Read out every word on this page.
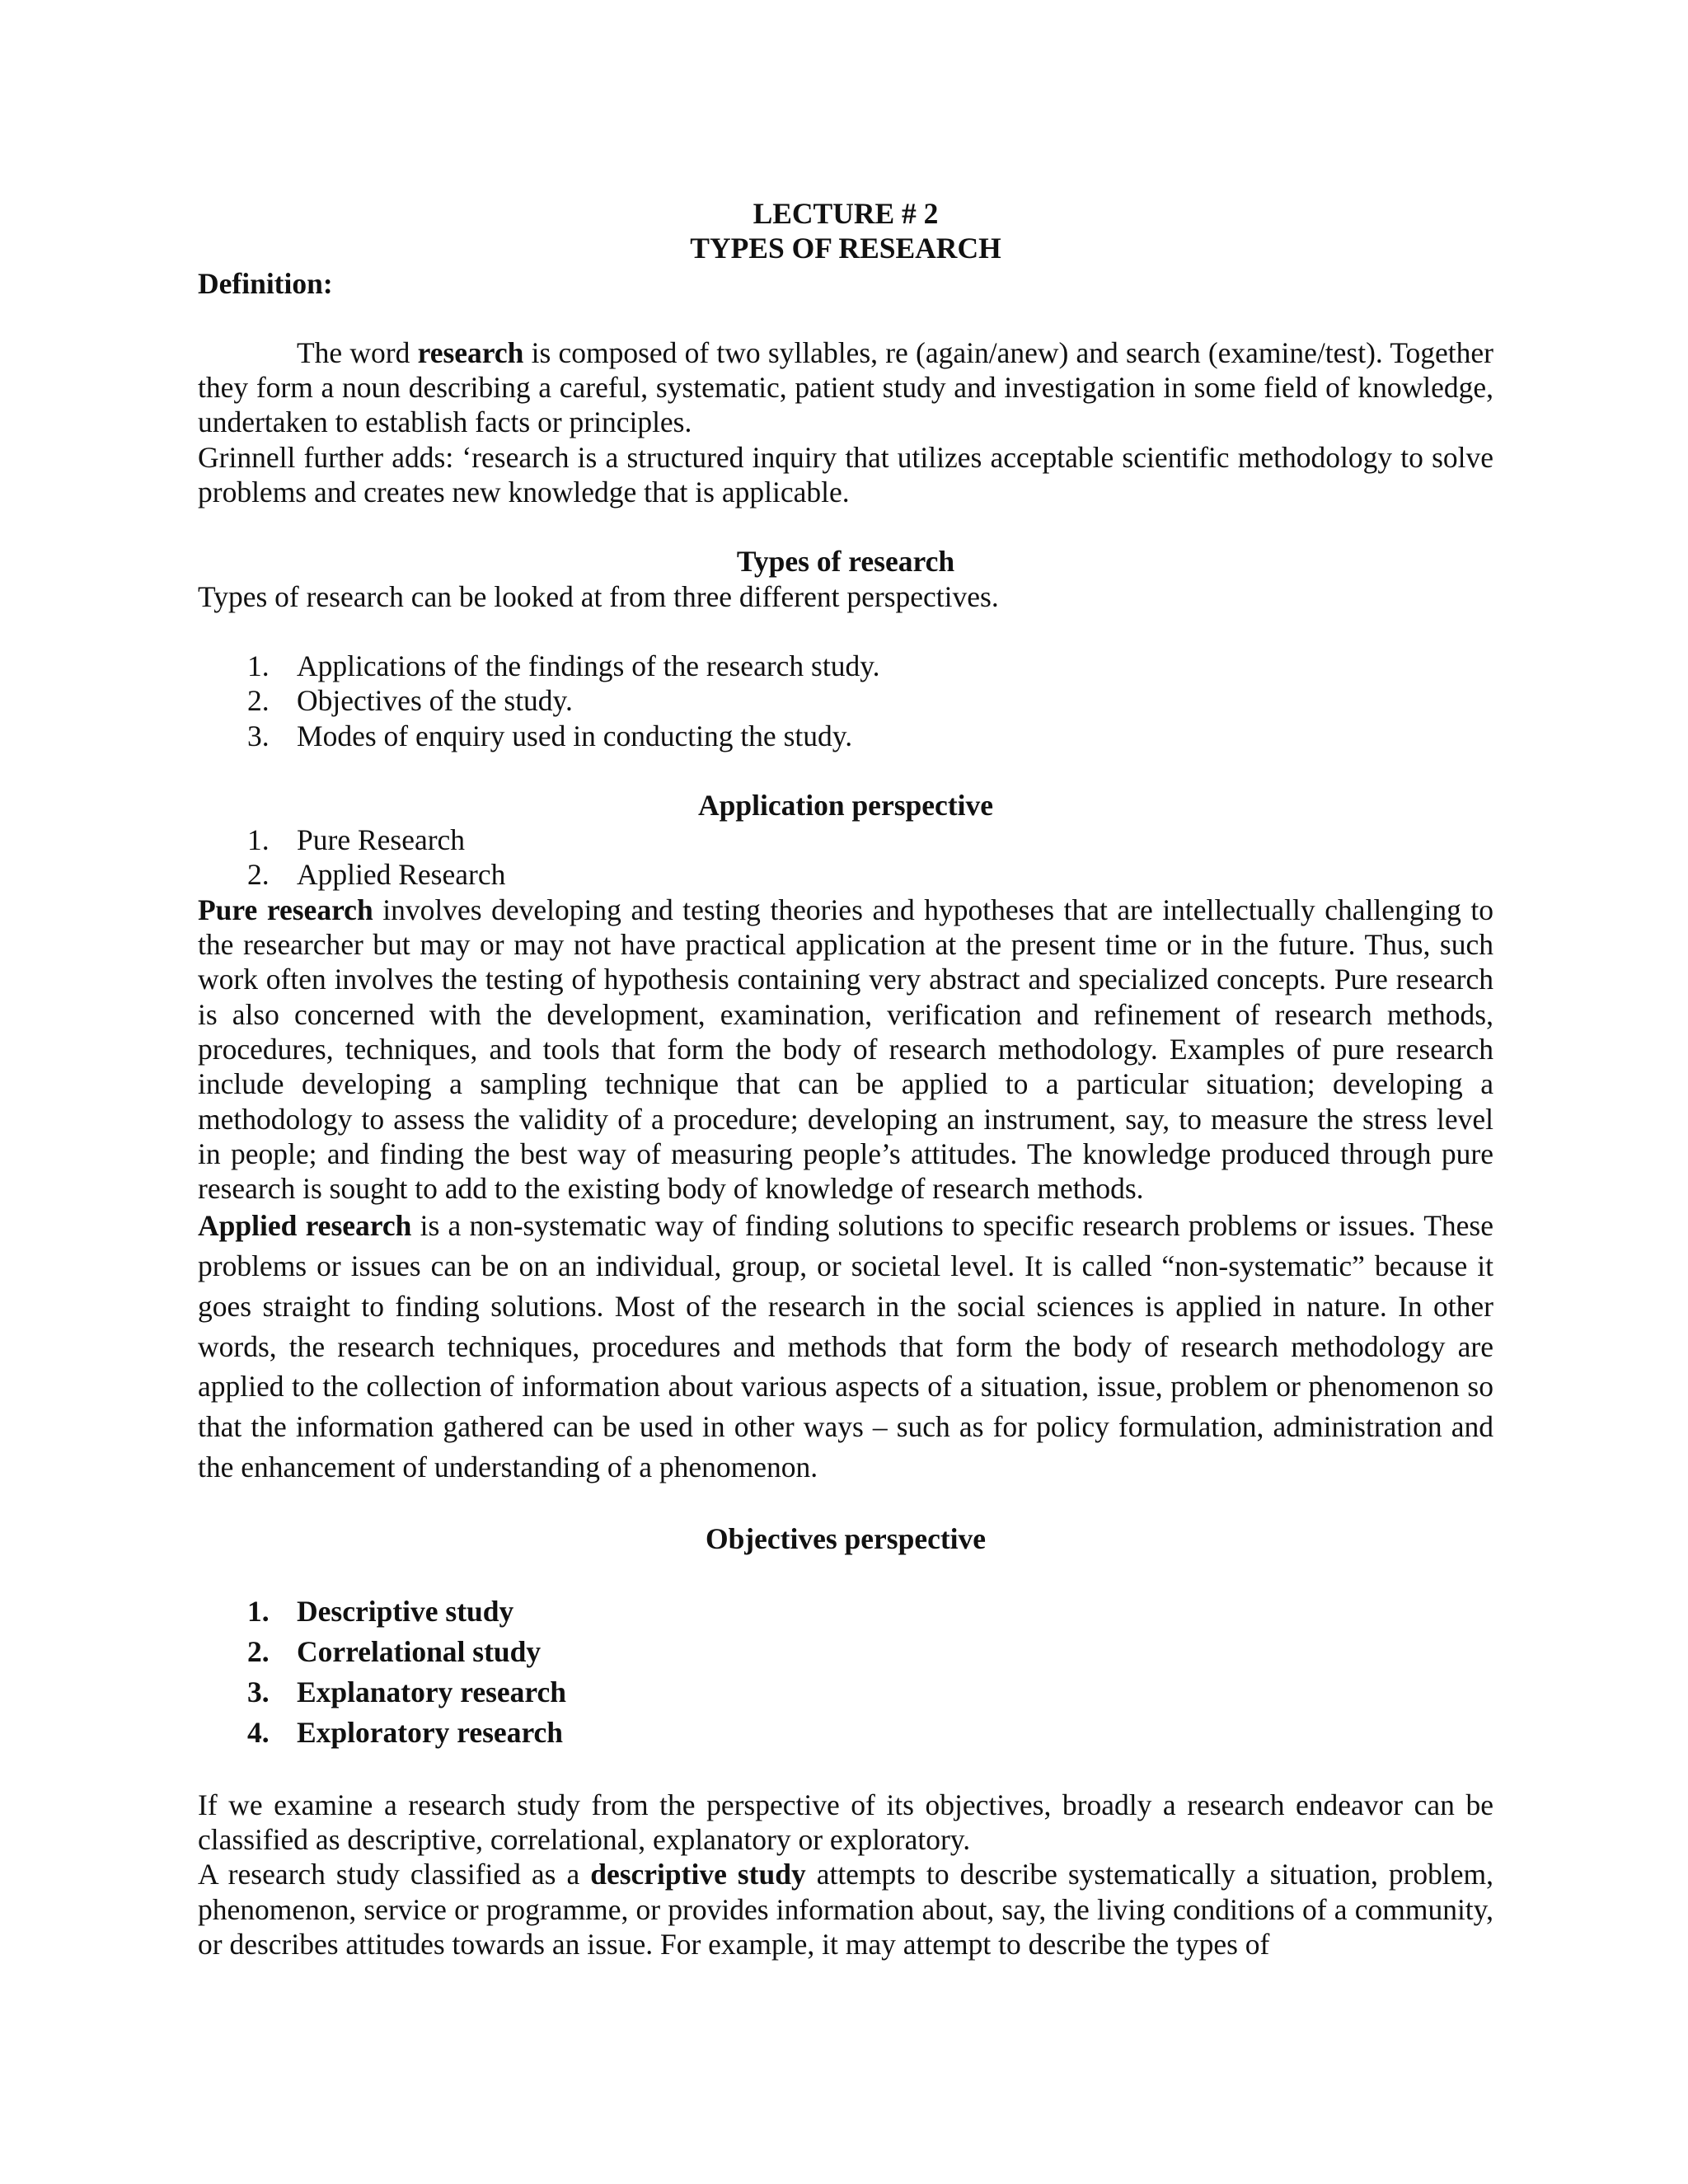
LECTURE # 2
TYPES OF RESEARCH
Definition:

The word research is composed of two syllables, re (again/anew) and search (examine/test). Together they form a noun describing a careful, systematic, patient study and investigation in some field of knowledge, undertaken to establish facts or principles.

Grinnell further adds: ‘research is a structured inquiry that utilizes acceptable scientific methodology to solve problems and creates new knowledge that is applicable.

Types of research

Types of research can be looked at from three different perspectives.

1. Applications of the findings of the research study.
2. Objectives of the study.
3. Modes of enquiry used in conducting the study.
Application perspective
1. Pure Research
2. Applied Research

Pure research involves developing and testing theories and hypotheses that are intellectually challenging to the researcher but may or may not have practical application at the present time or in the future. Thus, such work often involves the testing of hypothesis containing very abstract and specialized concepts. Pure research is also concerned with the development, examination, verification and refinement of research methods, procedures, techniques, and tools that form the body of research methodology. Examples of pure research include developing a sampling technique that can be applied to a particular situation; developing a methodology to assess the validity of a procedure; developing an instrument, say, to measure the stress level in people; and finding the best way of measuring people’s attitudes. The knowledge produced through pure research is sought to add to the existing body of knowledge of research methods.

Applied research is a non-systematic way of finding solutions to specific research problems or issues. These problems or issues can be on an individual, group, or societal level. It is called “non-systematic” because it goes straight to finding solutions. Most of the research in the social sciences is applied in nature. In other words, the research techniques, procedures and methods that form the body of research methodology are applied to the collection of information about various aspects of a situation, issue, problem or phenomenon so that the information gathered can be used in other ways – such as for policy formulation, administration and the enhancement of understanding of a phenomenon.

Objectives perspective
1. Descriptive study
2. Correlational study
3. Explanatory research
4. Exploratory research

If we examine a research study from the perspective of its objectives, broadly a research endeavor can be classified as descriptive, correlational, explanatory or exploratory.

A research study classified as a descriptive study attempts to describe systematically a situation, problem, phenomenon, service or programme, or provides information about, say, the living conditions of a community, or describes attitudes towards an issue. For example, it may attempt to describe the types of
